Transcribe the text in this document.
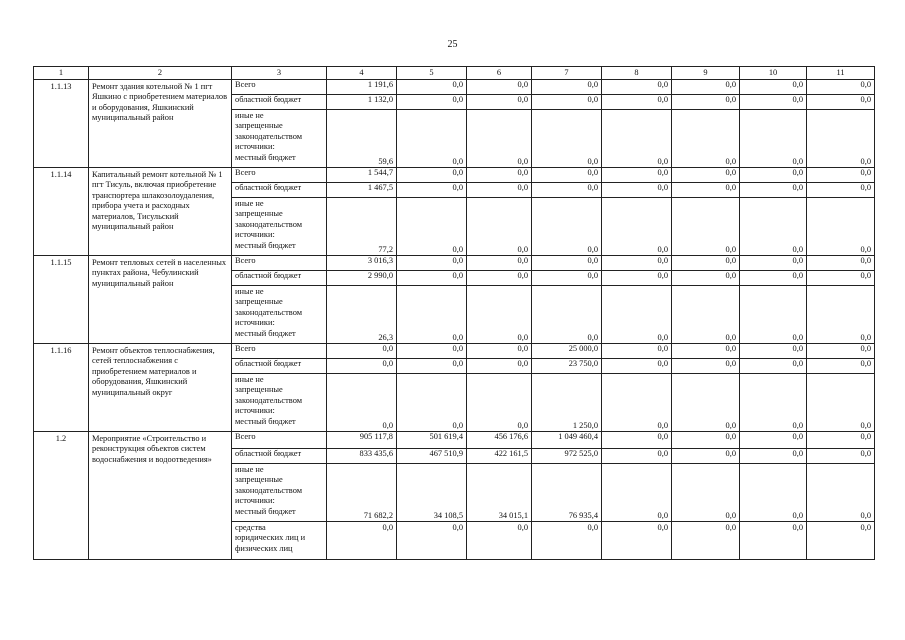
25
1	2	3	4	5	6	7	8	9	10	11
1.1.13	Ремонт здания котельной № 1 пгт Яшкино с приобретением материалов и оборудования, Яшкинский муниципальный район	Всего	1 191,6	0,0	0,0	0,0	0,0	0,0	0,0	0,0
		областной бюджет	1 132,0	0,0	0,0	0,0	0,0	0,0	0,0	0,0

		иные не
запрещенные
законодательством
источники:
местный бюджет	59,6	0,0	0,0	0,0	0,0	0,0	0,0	0,0
1.1.14	Капитальный ремонт котельной № 1 пгт Тисуль, включая приобретение транспортера шлакозолоудаления, прибора учета и расходных материалов, Тисульский муниципальный район	Всего	1 544,7	0,0	0,0	0,0	0,0	0,0	0,0	0,0
		областной бюджет	1 467,5	0,0	0,0	0,0	0,0	0,0	0,0	0,0

		иные не
запрещенные
законодательством
источники:
местный бюджет	77,2	0,0	0,0	0,0	0,0	0,0	0,0	0,0
1.1.15	Ремонт тепловых сетей в населенных пунктах района, Чебулинский муниципальный район	Всего	3 016,3	0,0	0,0	0,0	0,0	0,0	0,0	0,0
		областной бюджет	2 990,0	0,0	0,0	0,0	0,0	0,0	0,0	0,0

		иные не
запрещенные
законодательством
источники:
местный бюджет	26,3	0,0	0,0	0,0	0,0	0,0	0,0	0,0
1.1.16	Ремонт объектов теплоснабжения, сетей теплоснабжения с приобретением материалов и оборудования, Яшкинский муниципальный округ	Всего	0,0	0,0	0,0	25 000,0	0,0	0,0	0,0	0,0
		областной бюджет	0,0	0,0	0,0	23 750,0	0,0	0,0	0,0	0,0

		иные не
запрещенные
законодательством
источники:
местный бюджет	0,0	0,0	0,0	1 250,0	0,0	0,0	0,0	0,0
1.2	Мероприятие «Строительство и реконструкция объектов систем водоснабжения и водоотведения»	Всего	905 117,8	501 619,4	456 176,6	1 049 460,4	0,0	0,0	0,0	0,0
		областной бюджет	833 435,6	467 510,9	422 161,5	972 525,0	0,0	0,0	0,0	0,0

		иные не
запрещенные
законодательством
источники:
местный бюджет	71 682,2	34 108,5	34 015,1	76 935,4	0,0	0,0	0,0	0,0

		средства
юридических лиц и
физических лиц	0,0	0,0	0,0	0,0	0,0	0,0	0,0	0,0
